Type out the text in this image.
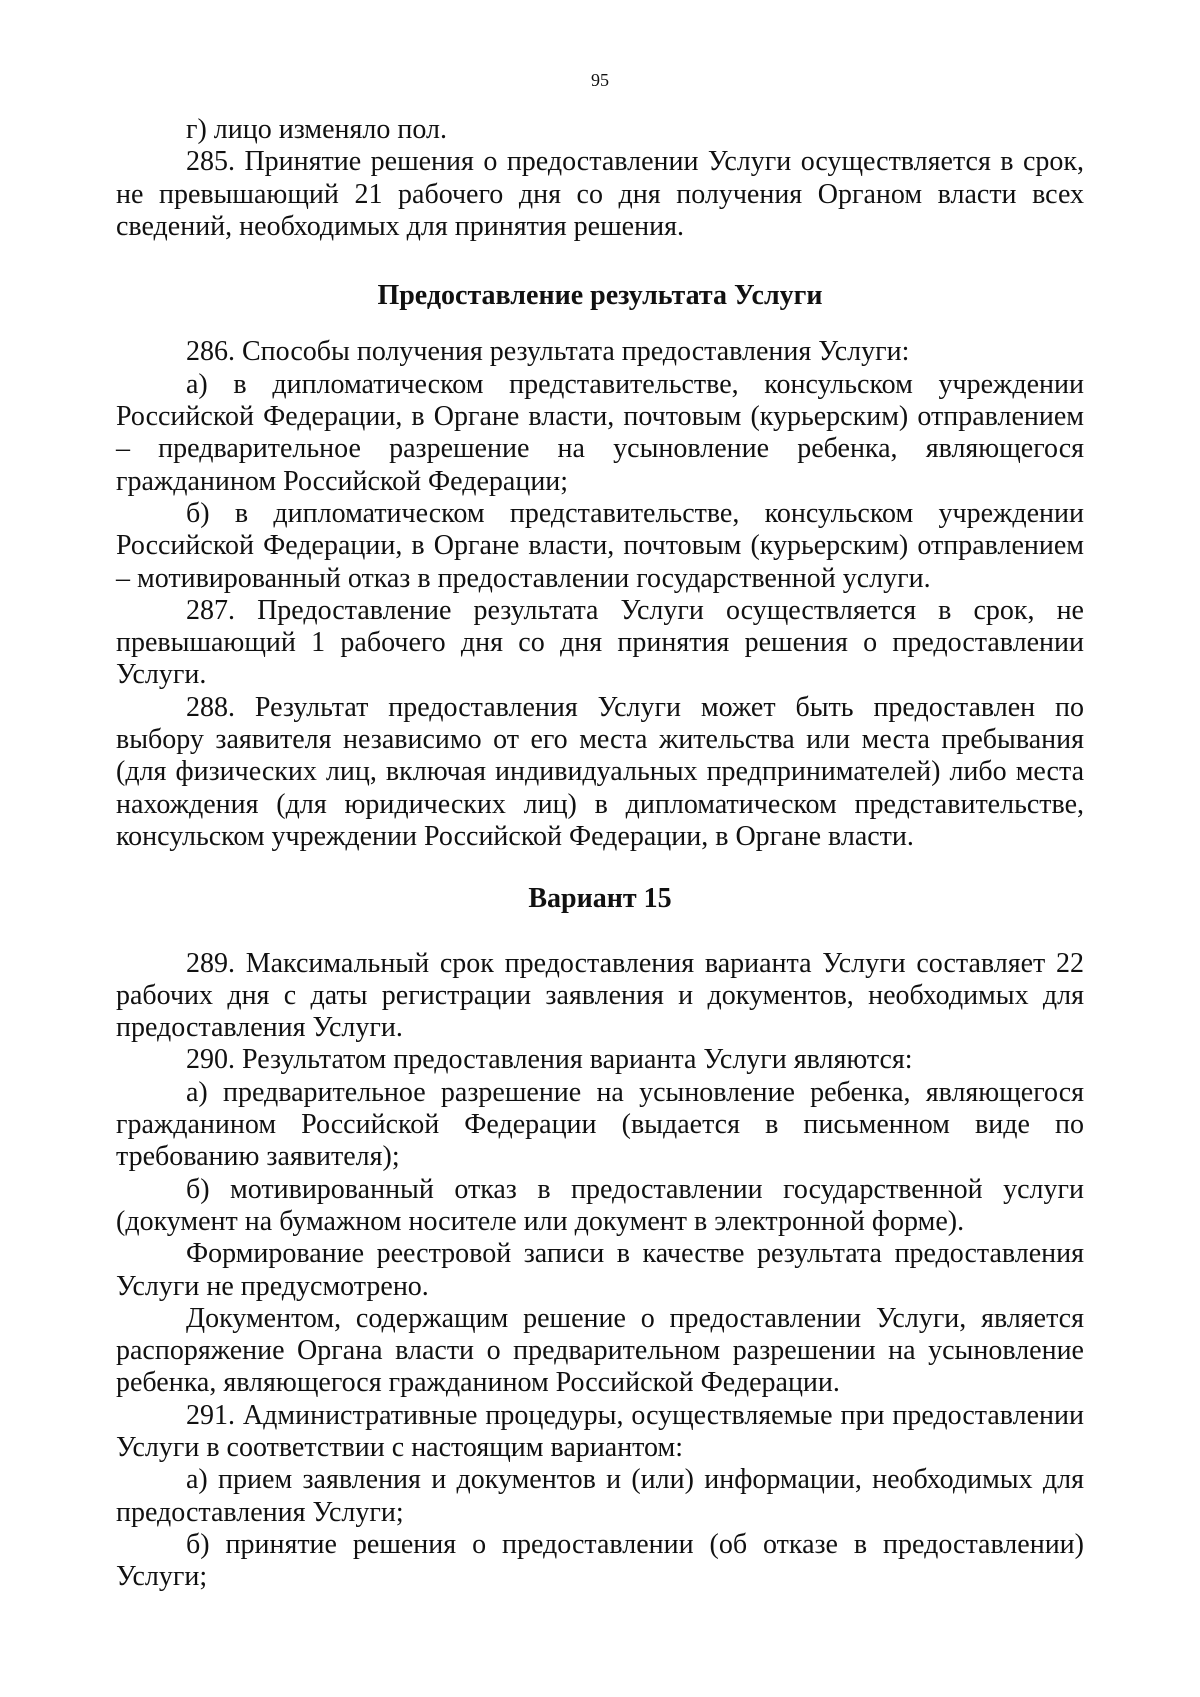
95

г) лицо изменяло пол.

285. Принятие решения о предоставлении Услуги осуществляется в срок, не превышающий 21 рабочего дня со дня получения Органом власти всех сведений, необходимых для принятия решения.

Предоставление результата Услуги

286. Способы получения результата предоставления Услуги:

а) в дипломатическом представительстве, консульском учреждении Российской Федерации, в Органе власти, почтовым (курьерским) отправлением – предварительное разрешение на усыновление ребенка, являющегося гражданином Российской Федерации;

б) в дипломатическом представительстве, консульском учреждении Российской Федерации, в Органе власти, почтовым (курьерским) отправлением – мотивированный отказ в предоставлении государственной услуги.

287. Предоставление результата Услуги осуществляется в срок, не превышающий 1 рабочего дня со дня принятия решения о предоставлении Услуги.

288. Результат предоставления Услуги может быть предоставлен по выбору заявителя независимо от его места жительства или места пребывания (для физических лиц, включая индивидуальных предпринимателей) либо места нахождения (для юридических лиц) в дипломатическом представительстве, консульском учреждении Российской Федерации, в Органе власти.

Вариант 15

289. Максимальный срок предоставления варианта Услуги составляет 22 рабочих дня с даты регистрации заявления и документов, необходимых для предоставления Услуги.

290. Результатом предоставления варианта Услуги являются:

а) предварительное разрешение на усыновление ребенка, являющегося гражданином Российской Федерации (выдается в письменном виде по требованию заявителя);

б) мотивированный отказ в предоставлении государственной услуги (документ на бумажном носителе или документ в электронной форме).

Формирование реестровой записи в качестве результата предоставления Услуги не предусмотрено.

Документом, содержащим решение о предоставлении Услуги, является распоряжение Органа власти о предварительном разрешении на усыновление ребенка, являющегося гражданином Российской Федерации.

291. Административные процедуры, осуществляемые при предоставлении Услуги в соответствии с настоящим вариантом:

а) прием заявления и документов и (или) информации, необходимых для предоставления Услуги;

б) принятие решения о предоставлении (об отказе в предоставлении) Услуги;
